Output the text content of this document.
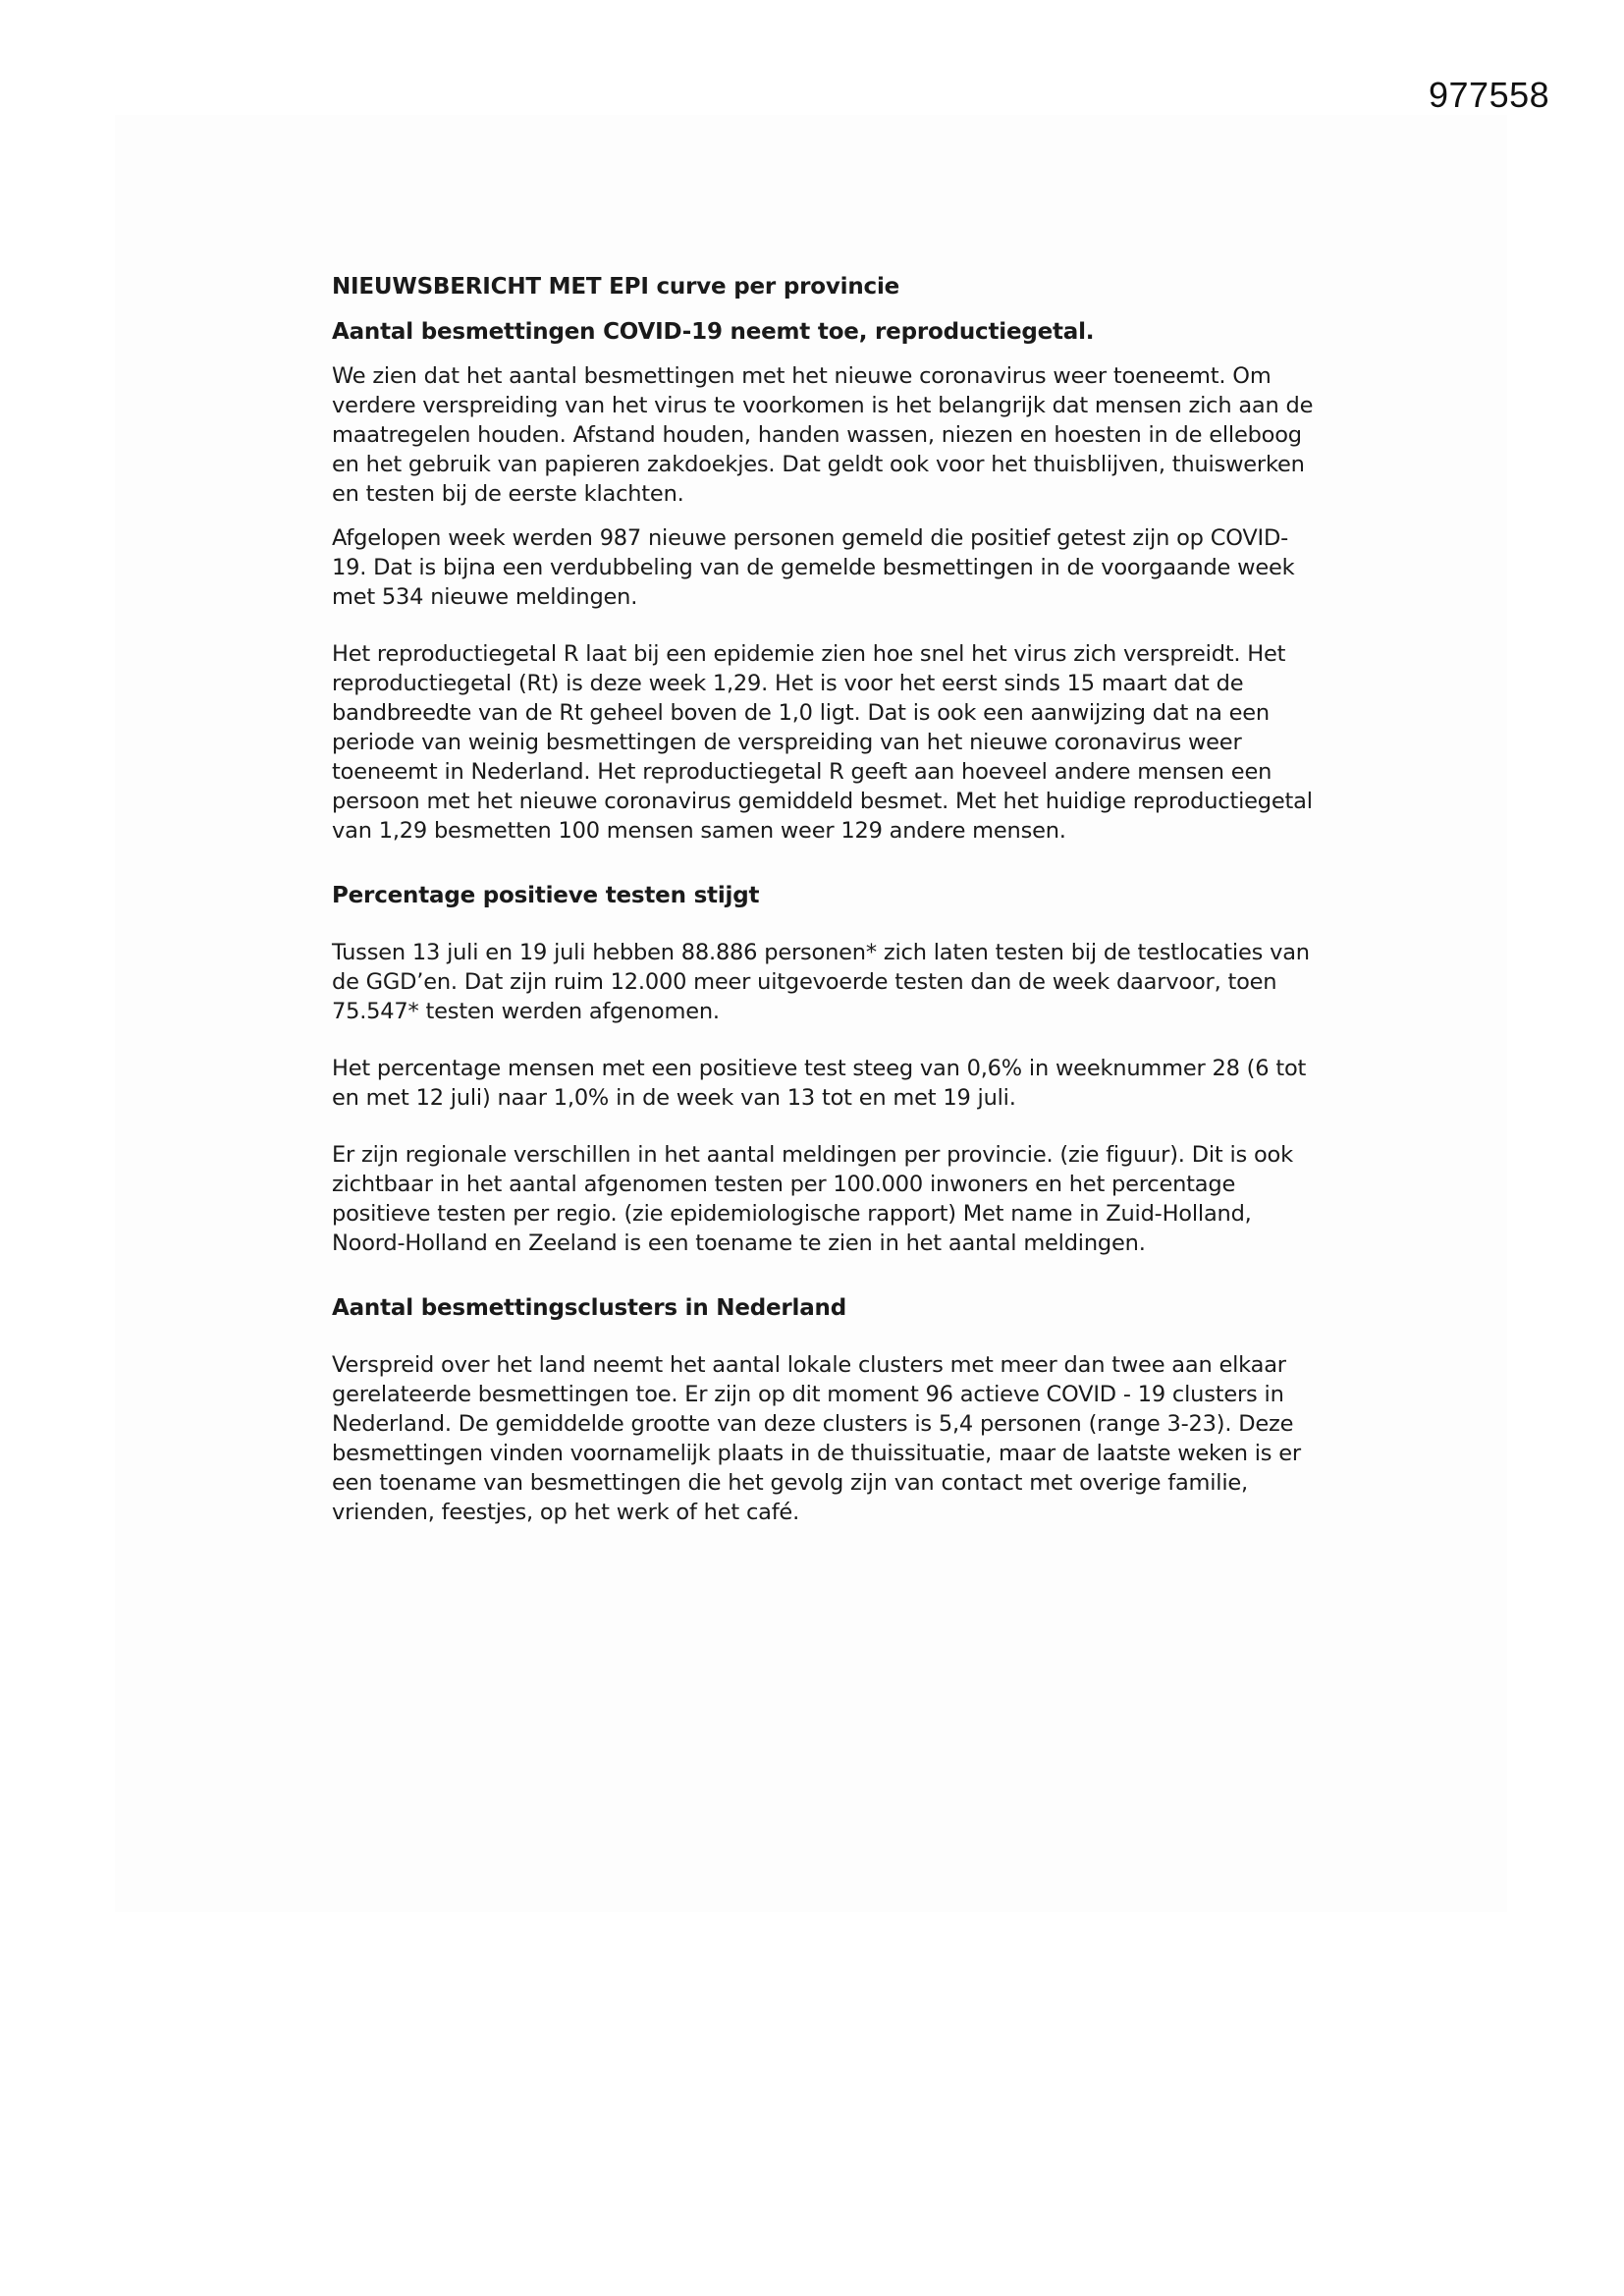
977558
NIEUWSBERICHT MET EPI curve per provincie
Aantal besmettingen COVID-19 neemt toe, reproductiegetal.

We zien dat het aantal besmettingen met het nieuwe coronavirus weer toeneemt. Om verdere verspreiding van het virus te voorkomen is het belangrijk dat mensen zich aan de maatregelen houden. Afstand houden, handen wassen, niezen en hoesten in de elleboog en het gebruik van papieren zakdoekjes. Dat geldt ook voor het thuisblijven, thuiswerken en testen bij de eerste klachten.

Afgelopen week werden 987 nieuwe personen gemeld die positief getest zijn op COVID-19. Dat is bijna een verdubbeling van de gemelde besmettingen in de voorgaande week met 534 nieuwe meldingen.

Het reproductiegetal R laat bij een epidemie zien hoe snel het virus zich verspreidt. Het reproductiegetal (Rt) is deze week 1,29. Het is voor het eerst sinds 15 maart dat de bandbreedte van de Rt geheel boven de 1,0 ligt. Dat is ook een aanwijzing dat na een periode van weinig besmettingen de verspreiding van het nieuwe coronavirus weer toeneemt in Nederland. Het reproductiegetal R geeft aan hoeveel andere mensen een persoon met het nieuwe coronavirus gemiddeld besmet. Met het huidige reproductiegetal van 1,29 besmetten 100 mensen samen weer 129 andere mensen.

Percentage positieve testen stijgt

Tussen 13 juli en 19 juli hebben 88.886 personen* zich laten testen bij de testlocaties van de GGD’en. Dat zijn ruim 12.000 meer uitgevoerde testen dan de week daarvoor, toen 75.547* testen werden afgenomen.

Het percentage mensen met een positieve test steeg van 0,6% in weeknummer 28 (6 tot en met 12 juli) naar 1,0% in de week van 13 tot en met 19 juli.

Er zijn regionale verschillen in het aantal meldingen per provincie. (zie figuur). Dit is ook zichtbaar in het aantal afgenomen testen per 100.000 inwoners en het percentage positieve testen per regio. (zie epidemiologische rapport) Met name in Zuid-Holland, Noord-Holland en Zeeland is een toename te zien in het aantal meldingen.

Aantal besmettingsclusters in Nederland

Verspreid over het land neemt het aantal lokale clusters met meer dan twee aan elkaar gerelateerde besmettingen toe. Er zijn op dit moment 96 actieve COVID - 19 clusters in Nederland. De gemiddelde grootte van deze clusters is 5,4 personen (range 3-23). Deze besmettingen vinden voornamelijk plaats in de thuissituatie, maar de laatste weken is er een toename van besmettingen die het gevolg zijn van contact met overige familie, vrienden, feestjes, op het werk of het café.
